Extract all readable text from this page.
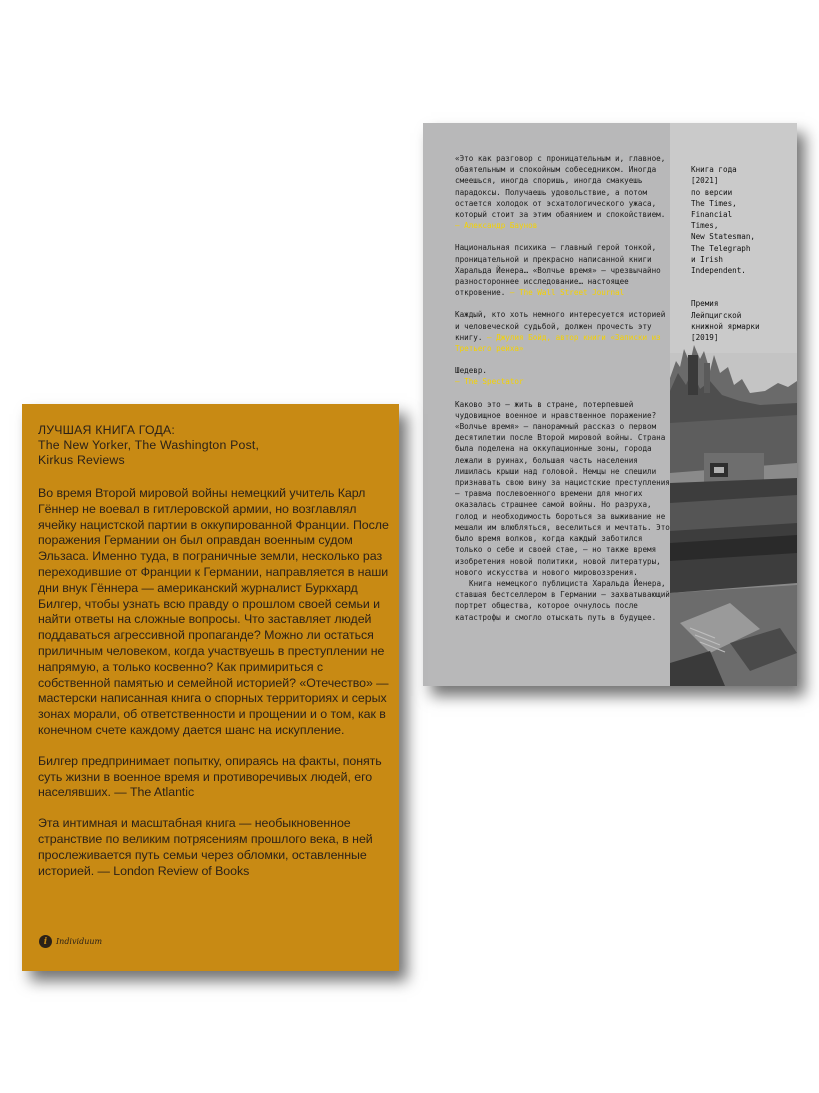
Книга года
[2021]
по версии
The Times,
Financial
Times,
New Statesman,
The Telegraph
и Irish
Independent.

Премия
Лейпцигской
книжной ярмарки
[2019]

«Это как разговор с проницательным и, главное, обаятельным и спокойным собеседником. Иногда смеешься, иногда споришь, иногда смакуешь парадоксы. Получаешь удовольствие, а потом остается холодок от эсхатологического ужаса, который стоит за этим обаянием и спокойствием. — Александр Баунов

Национальная психика – главный герой тонкой, проницательной и прекрасно написанной книги Харальда Йенера… «Волчье время» – чрезвычайно разностороннее исследование… настоящее откровение. — The Wall Street Journal

Каждый, кто хоть немного интересуется историей и человеческой судьбой, должен прочесть эту книгу. — Джулия Бойд, автор книги «Записки из Третьего рейха»

Шедевр.
— The Spectator

Каково это – жить в стране, потерпевшей чудовищное военное и нравственное поражение? «Волчье время» – панорамный рассказ о первом десятилетии после Второй мировой войны. Страна была поделена на оккупационные зоны, города лежали в руинах, большая часть населения лишилась крыши над головой. Немцы не спешили признавать свою вину за нацистские преступления – травма послевоенного времени для многих оказалась страшнее самой войны. Но разруха, голод и необходимость бороться за выживание не мешали им влюбляться, веселиться и мечтать. Это было время волков, когда каждый заботился только о себе и своей стае, – но также время изобретения новой политики, новой литературы, нового искусства и нового мировоззрения.

Книга немецкого публициста Харальда Йенера, ставшая бестселлером в Германии – захватывающий портрет общества, которое очнулось после катастрофы и смогло отыскать путь в будущее.

ЛУЧШАЯ КНИГА ГОДА:
The New Yorker, The Washington Post,
Kirkus Reviews

Во время Второй мировой войны немецкий учитель Карл Гённер не воевал в гитлеровской армии, но возглавлял ячейку нацистской партии в оккупированной Франции. После поражения Германии он был оправдан военным судом Эльзаса. Именно туда, в пограничные земли, несколько раз переходившие от Франции к Германии, направляется в наши дни внук Гённера — американский журналист Буркхард Билгер, чтобы узнать всю правду о прошлом своей семьи и найти ответы на сложные вопросы. Что заставляет людей поддаваться агрессивной пропаганде? Можно ли остаться приличным человеком, когда участвуешь в преступлении не напрямую, а только косвенно? Как примириться с собственной памятью и семейной историей? «Отечество» — мастерски написанная книга о спорных территориях и серых зонах морали, об ответственности и прощении и о том, как в конечном счете каждому дается шанс на искупление.

Билгер предпринимает попытку, опираясь на факты, понять суть жизни в военное время и противоречивых людей, его населявших. — The Atlantic

Эта интимная и масштабная книга — необыкновенное странствие по великим потрясениям прошлого века, в ней прослеживается путь семьи через обломки, оставленные историей. — London Review of Books

i	Individuum
